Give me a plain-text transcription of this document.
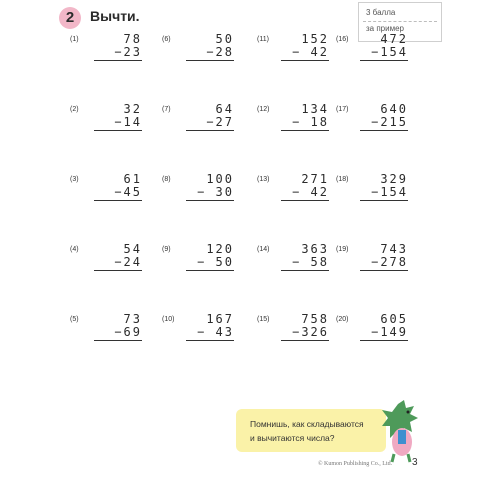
2	Вычти.	3 балла
за пример
(1)	78
−23
(2)	32
−14
(3)	61
−45
(4)	54
−24
(5)	73
−69
(6)	50
−28
(7)	64
−27
(8)	100
− 30
(9)	120
− 50
(10)	167
− 43
(11)	152
− 42
(12)	134
− 18
(13)	271
− 42
(14)	363
− 58
(15)	758
−326
(16)	472
−154
(17)	640
−215
(18)	329
−154
(19)	743
−278
(20)	605
−149
Помнишь, как складываются
и вычитаются числа?
© Kumon Publishing Co., Ltd. 3
